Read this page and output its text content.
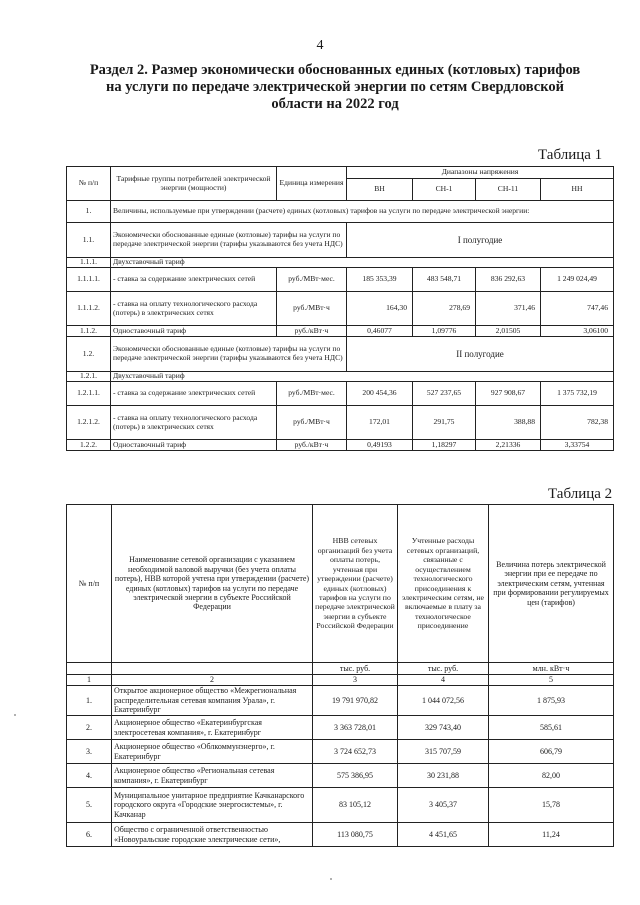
4
Раздел 2. Размер экономически обоснованных единых (котловых) тарифов
на услуги по передаче электрической энергии по сетям Свердловской
области на 2022 год
Таблица 1
№ п/п	Тарифные группы потребителей электрической энергии (мощности)	Единица измерения	Диапазоны напряжения			
			ВН	СН-1	СН-11	НН
1.	Величины, используемые при утверждении (расчете) единых (котловых) тарифов на услуги по передаче электрической энергии:					
1.1.	Экономически обоснованные единые (котловые) тарифы на услуги по передаче электрической энергии (тарифы указываются без учета НДС)		I полугодие			
1.1.1.	Двухставочный тариф					
1.1.1.1.	- ставка за содержание электрических сетей	руб./МВт·мес.	185 353,39	483 548,71	836 292,63	1 249 024,49
1.1.1.2.	- ставка на оплату технологического расхода (потерь) в электрических сетях	руб./МВт·ч	164,30	278,69	371,46	747,46
1.1.2.	Одноставочный тариф	руб./кВт·ч	0,46077	1,09776	2,01505	3,06100
1.2.	Экономически обоснованные единые (котловые) тарифы на услуги по передаче электрической энергии (тарифы указываются без учета НДС)		II полугодие			
1.2.1.	Двухставочный тариф					
1.2.1.1.	- ставка за содержание электрических сетей	руб./МВт·мес.	200 454,36	527 237,65	927 908,67	1 375 732,19
1.2.1.2.	- ставка на оплату технологического расхода (потерь) в электрических сетях	руб./МВт·ч	172,01	291,75	388,88	782,38
1.2.2.	Одноставочный тариф	руб./кВт·ч	0,49193	1,18297	2,21336	3,33754
Таблица 2
№ п/п	Наименование сетевой организации с указанием необходимой валовой выручки (без учета оплаты потерь), НВВ которой учтена при утверждении (расчете) единых (котловых) тарифов на услуги по передаче электрической энергии в субъекте Российской Федерации	НВВ сетевых организаций без учета оплаты потерь, учтенная при утверждении (расчете) единых (котловых) тарифов на услуги по передаче электрической энергии в субъекте Российской Федерации	Учтенные расходы сетевых организаций, связанные с осуществлением технологического присоединения к электрическим сетям, не включаемые в плату за технологическое присоединение	Величина потерь электрической энергии при ее передаче по электрическим сетям, учтенная при формировании регулируемых цен (тарифов)
		тыс. руб.	тыс. руб.	млн. кВт·ч
1	2	3	4	5
1.	Открытое акционерное общество «Межрегиональная распределительная сетевая компания Урала», г. Екатеринбург	19 791 970,82	1 044 072,56	1 875,93
2.	Акционерное общество «Екатеринбургская электросетевая компания», г. Екатеринбург	3 363 728,01	329 743,40	585,61
3.	Акционерное общество «Облкоммунэнерго», г. Екатеринбург	3 724 652,73	315 707,59	606,79
4.	Акционерное общество «Региональная сетевая компания», г. Екатеринбург	575 386,95	30 231,88	82,00
5.	Муниципальное унитарное предприятие Качканарского городского округа «Городские энергосистемы», г. Качканар	83 105,12	3 405,37	15,78
6.	Общество с ограниченной ответственностью «Новоуральские городские электрические сети»,	113 080,75	4 451,65	11,24
